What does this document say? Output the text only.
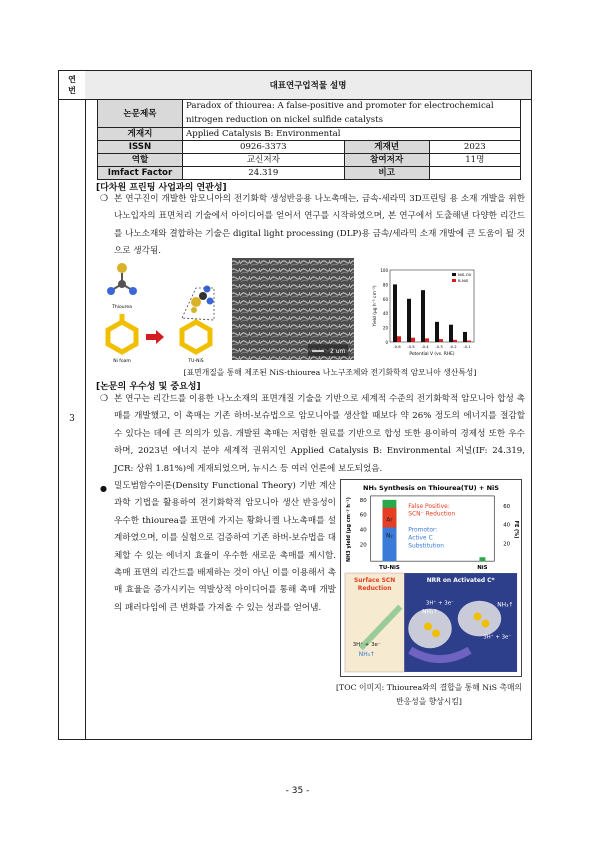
연
번	대표연구업적물 설명
3
논문제목	Paradox of thiourea: A false-positive and promoter for electrochemical nitrogen reduction on nickel sulfide catalysts		
게재지	Applied Catalysis B: Environmental		
ISSN	0926-3373	게재년	2023
역할	교신저자	참여저자	11명
Imfact Factor	24.319	비고	
[다차원 프린팅 사업과의 연관성]
❍ 본 연구진이 개발한 암모니아의 전기화학 생성반응용 나노촉매는, 금속-세라믹 3D프린팅 용 소재 개발을 위한 나노입자의 표면처리 기술에서 아이디어를 얻어서 연구를 시작하였으며, 본 연구에서 도출해낸 다양한 리간드를 나노소재와 결합하는 기술은 digital light processing (DLP)용 금속/세라믹 소재 개발에 큰 도움이 될 것으로 생각됨.
Thiourea
Ni foam	TU-NiS
2 um
0
20
40
60
80
100
-0.6 -0.5 -0.4 -0.3 -0.2 -0.1
Potential V (vs. RHE)
Yield (μg h⁻¹ cm⁻²)
NiS-OV
B-NiS
[표면개질을 통해 제조된 NiS-thiourea 나노구조체와 전기화학적 암모니아 생산특성]
[논문의 우수성 및 중요성]
❍ 본 연구는 리간드를 이용한 나노소재의 표면개질 기술을 기반으로 세계적 수준의 전기화학적 암모니아 합성 촉매를 개발했고, 이 촉매는 기존 하버-보슈법으로 암모니아를 생산할 때보다 약 26% 정도의 에너지를 절감할 수 있다는 데에 큰 의의가 있음. 개발된 촉매는 저렴한 원료를 기반으로 합성 또한 용이하여 경제성 또한 우수하며, 2023년 에너지 분야 세계적 권위지인 Applied Catalysis B: Environmental 저널(IF: 24.319, JCR: 상위 1.81%)에 게재되었으며, 뉴시스 등 여러 언론에 보도되었음.
● 밀도범함수이론(Density Functional Theory) 기반 계산과학 기법을 활용하여 전기화학적 암모니아 생산 반응성이 우수한 thiourea를 표면에 가지는 황화니켈 나노촉매를 설계하였으며, 이를 실험으로 검증하여 기존 하버-보슈법을 대체할 수 있는 에너지 효율이 우수한 새로운 촉매를 제시함. 촉매 표면의 리간드를 배제하는 것이 아닌 이를 이용해서 촉매 효율을 증가시키는 역발상적 아이디어를 통해 촉매 개발의 패러다임에 큰 변화를 가져올 수 있는 성과를 얻어냄.
NH₃ Synthesis on Thiourea(TU) + NiS
80
60
40
20
NH3 yield (μg cm⁻² h⁻¹)	60
40
20
FE (%)
Ar
N₂
False Positive:
SCN⁻ Reduction
Promotor:
Active C
Substitution
TU-NiS	NiS
Surface SCN Reduction
NRR on Activated C*
3H⁺ + 3e⁻
3H⁺ + 3e⁻
3H⁺ + 3e⁻
NH₃↑
NH₃↑
NH₃↑
[TOC 이미지: Thiourea와의 결합을 통해 NiS 촉매의 반응성을 향상시킴]
- 35 -
